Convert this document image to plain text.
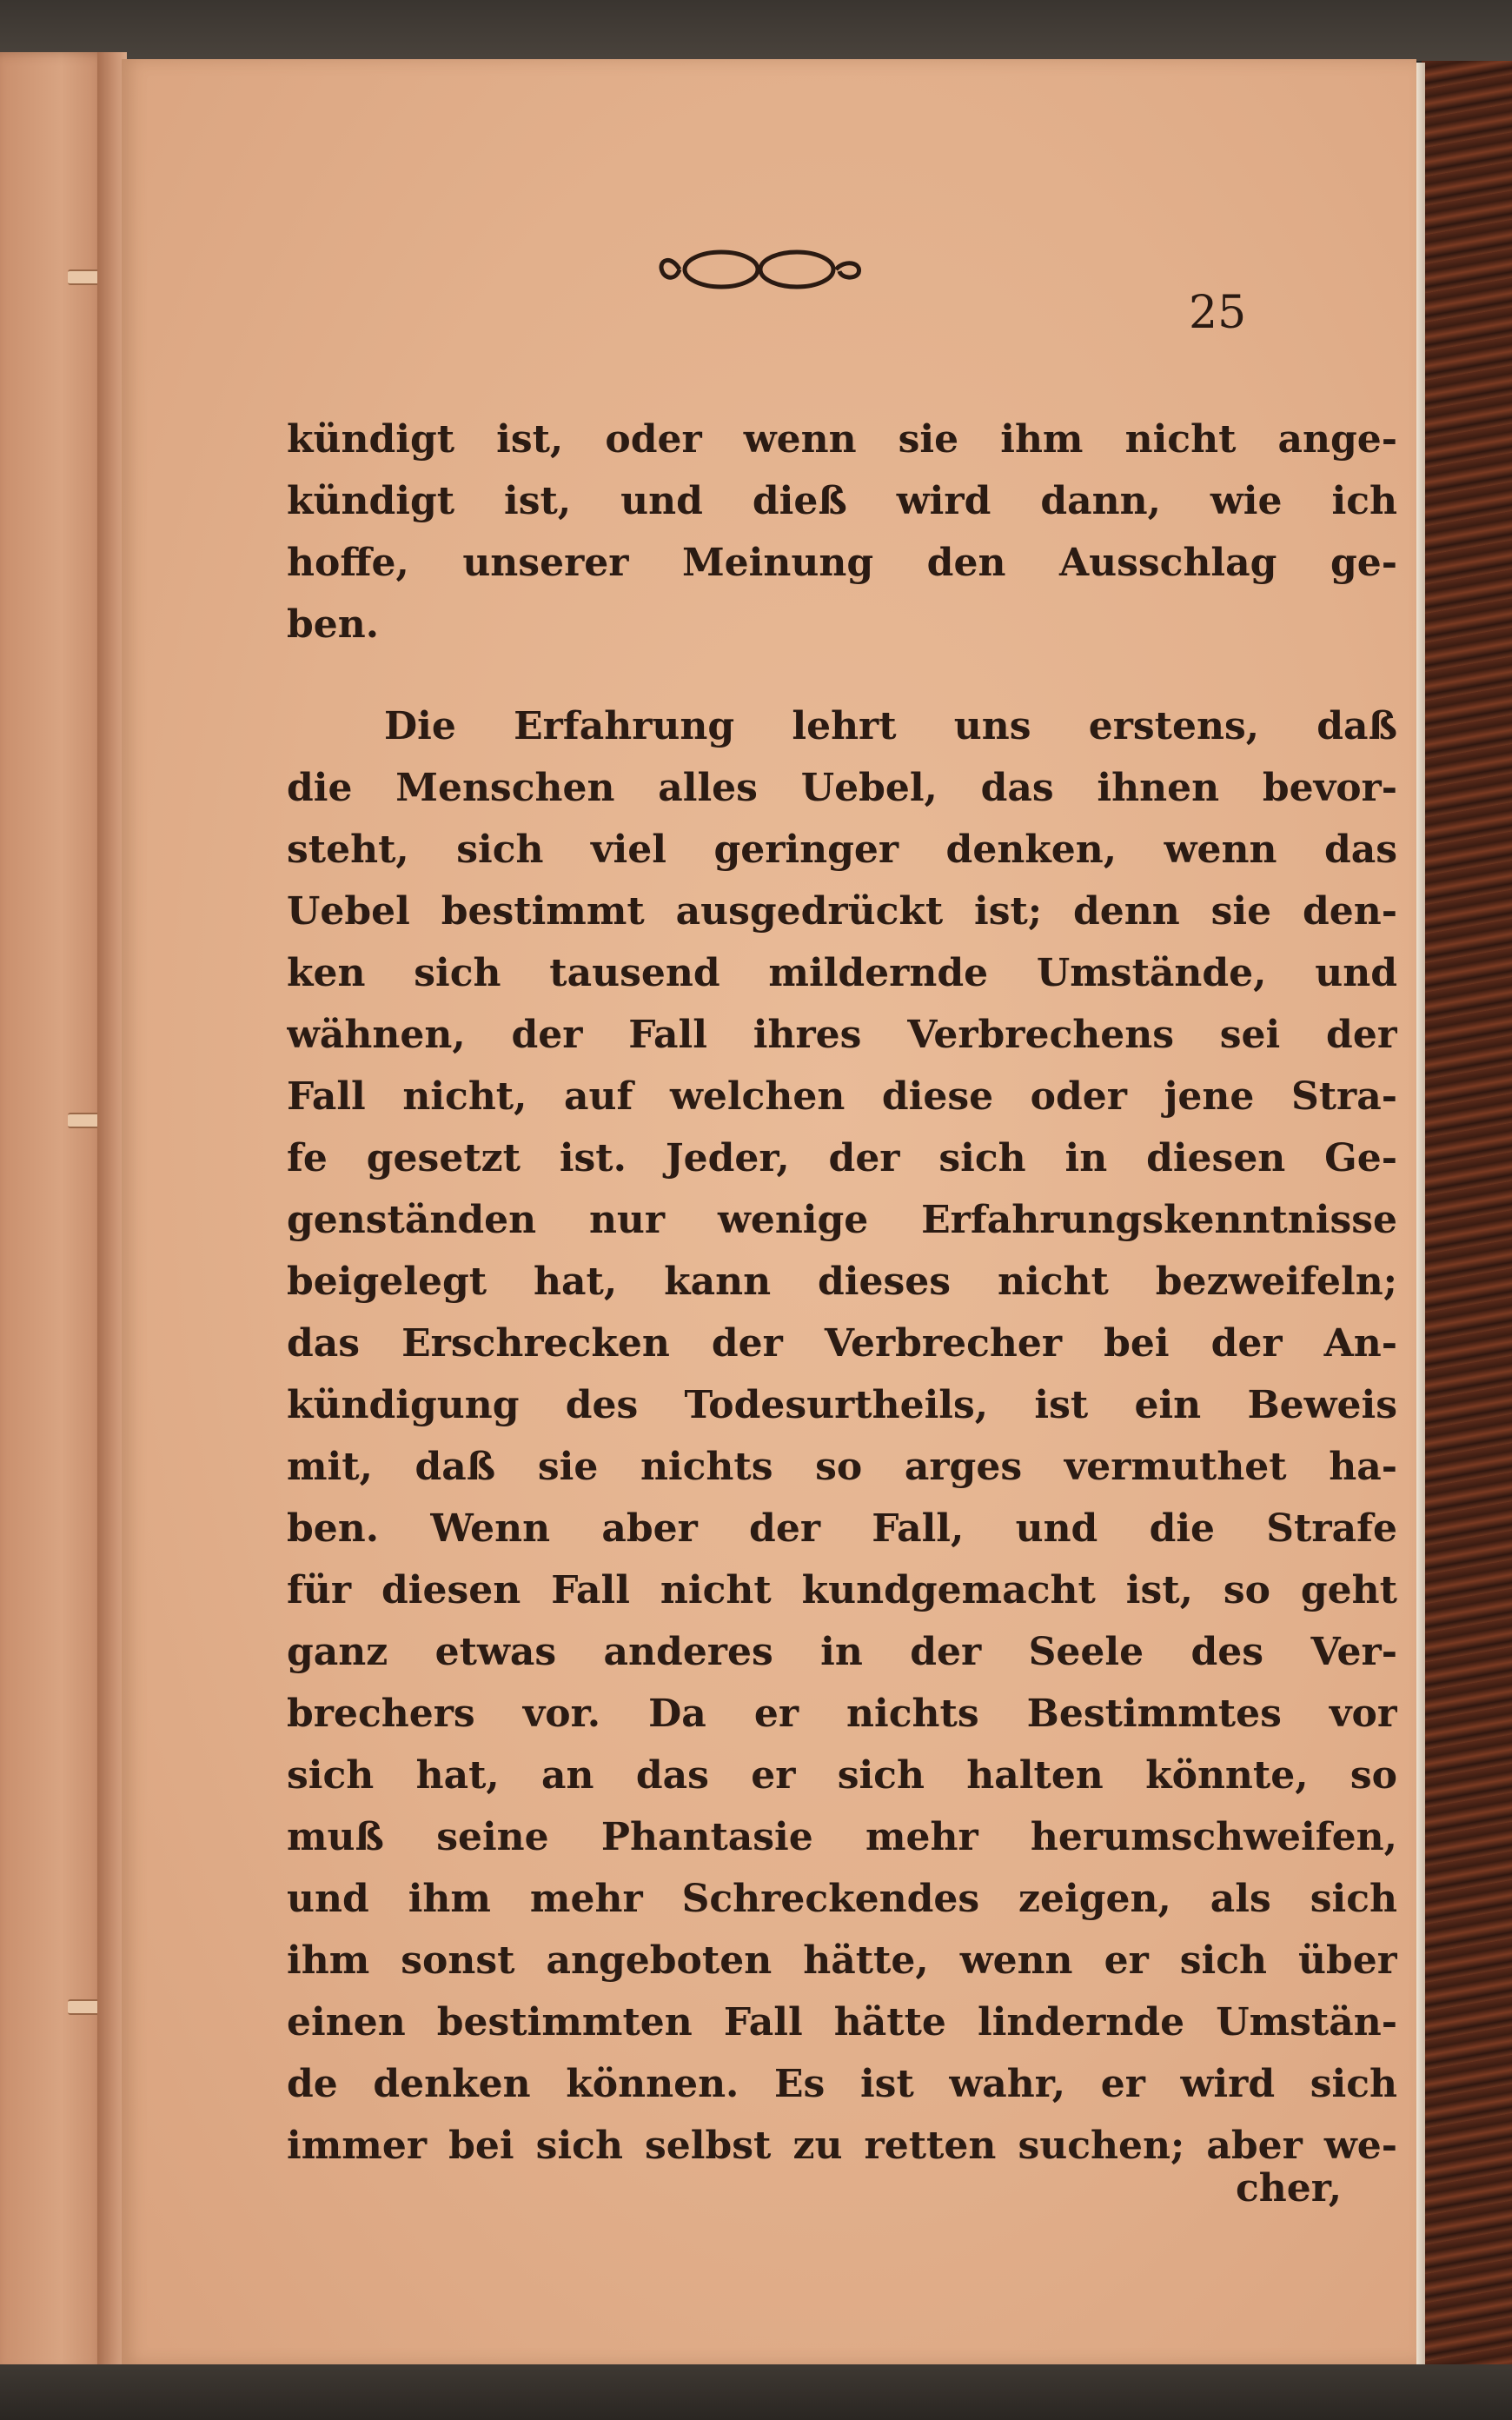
25
kündigt ist, oder wenn sie ihm nicht ange-
kündigt ist, und dieß wird dann, wie ich
hoffe, unserer Meinung den Ausschlag ge-
ben.
Die Erfahrung lehrt uns erstens, daß
die Menschen alles Uebel, das ihnen bevor-
steht, sich viel geringer denken, wenn das
Uebel bestimmt ausgedrückt ist; denn sie den-
ken sich tausend mildernde Umstände, und
wähnen, der Fall ihres Verbrechens sei der
Fall nicht, auf welchen diese oder jene Stra-
fe gesetzt ist. Jeder, der sich in diesen Ge-
genständen nur wenige Erfahrungskenntnisse
beigelegt hat, kann dieses nicht bezweifeln;
das Erschrecken der Verbrecher bei der An-
kündigung des Todesurtheils, ist ein Beweis
mit, daß sie nichts so arges vermuthet ha-
ben. Wenn aber der Fall, und die Strafe
für diesen Fall nicht kundgemacht ist, so geht
ganz etwas anderes in der Seele des Ver-
brechers vor. Da er nichts Bestimmtes vor
sich hat, an das er sich halten könnte, so
muß seine Phantasie mehr herumschweifen,
und ihm mehr Schreckendes zeigen, als sich
ihm sonst angeboten hätte, wenn er sich über
einen bestimmten Fall hätte lindernde Umstän-
de denken können. Es ist wahr, er wird sich
immer bei sich selbst zu retten suchen; aber we-
cher,
